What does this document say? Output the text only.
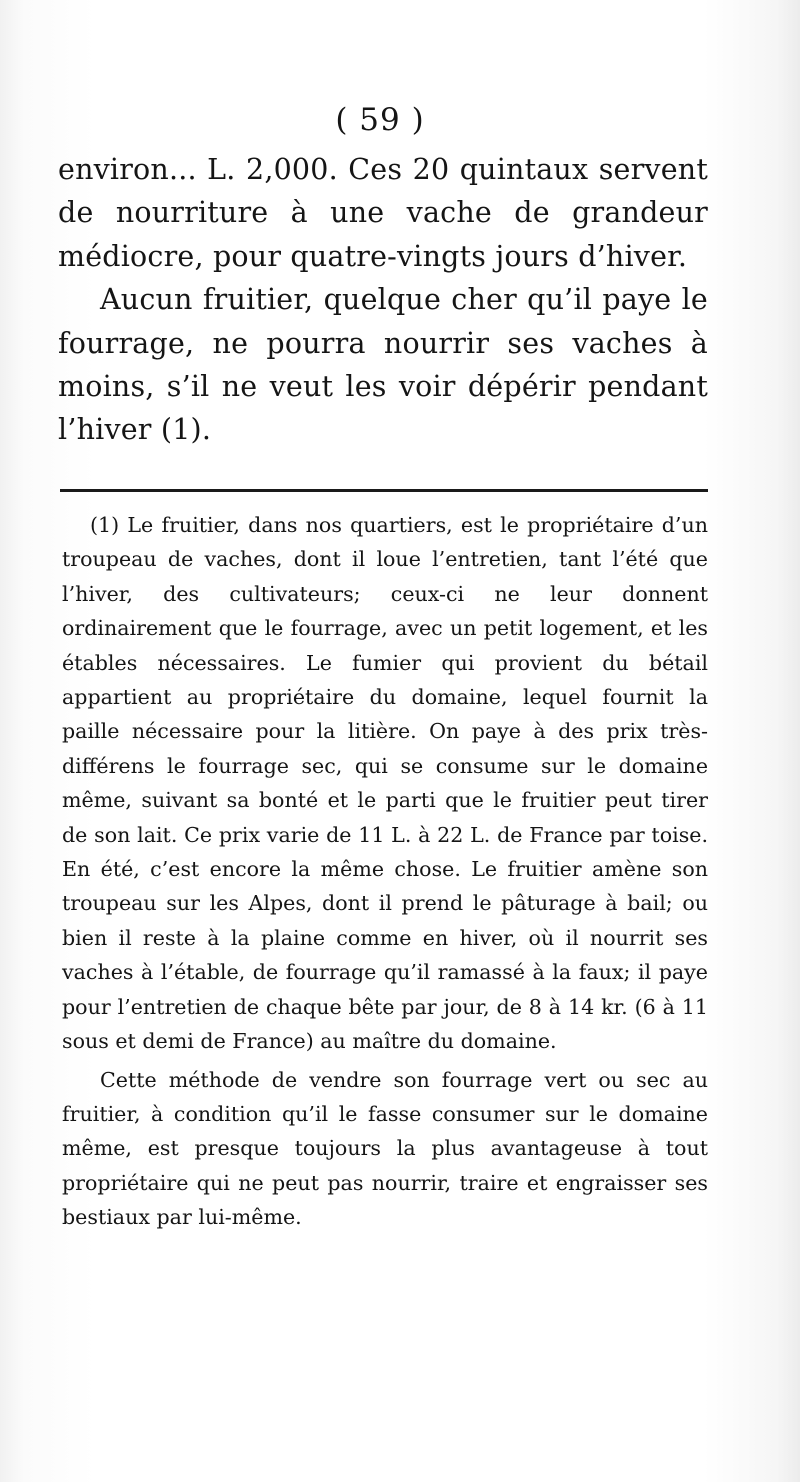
( 59 )

environ... L. 2,000. Ces 20 quintaux servent de nourriture à une vache de grandeur médiocre, pour quatre-vingts jours d’hiver.

Aucun fruitier, quelque cher qu’il paye le fourrage, ne pourra nourrir ses vaches à moins, s’il ne veut les voir dépérir pendant l’hiver (1).

(1) Le fruitier, dans nos quartiers, est le propriétaire d’un troupeau de vaches, dont il loue l’entretien, tant l’été que l’hiver, des cultivateurs; ceux-ci ne leur donnent ordinairement que le fourrage, avec un petit logement, et les étables nécessaires. Le fumier qui provient du bétail appartient au propriétaire du domaine, lequel fournit la paille nécessaire pour la litière. On paye à des prix très-différens le fourrage sec, qui se consume sur le domaine même, suivant sa bonté et le parti que le fruitier peut tirer de son lait. Ce prix varie de 11 L. à 22 L. de France par toise. En été, c’est encore la même chose. Le fruitier amène son troupeau sur les Alpes, dont il prend le pâturage à bail; ou bien il reste à la plaine comme en hiver, où il nourrit ses vaches à l’étable, de fourrage qu’il ramassé à la faux; il paye pour l’entretien de chaque bête par jour, de 8 à 14 kr. (6 à 11 sous et demi de France) au maître du domaine.

Cette méthode de vendre son fourrage vert ou sec au fruitier, à condition qu’il le fasse consumer sur le domaine même, est presque toujours la plus avantageuse à tout propriétaire qui ne peut pas nourrir, traire et engraisser ses bestiaux par lui-même.
